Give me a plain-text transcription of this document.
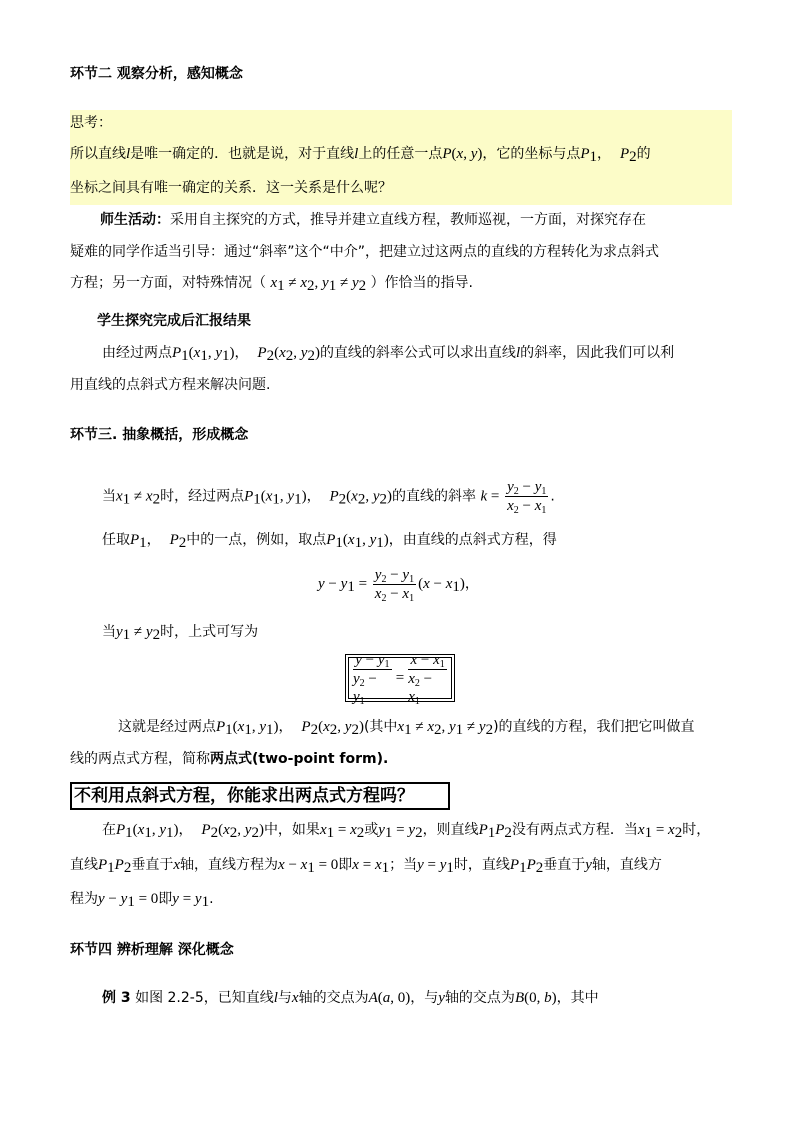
环节二 观察分析，感知概念
思考：
所以直线l是唯一确定的．也就是说，对于直线l上的任意一点P(x, y)，它的坐标与点$P_1$， $P_2$的
坐标之间具有唯一确定的关系．这一关系是什么呢？
师生活动：采用自主探究的方式，推导并建立直线方程，教师巡视，一方面，对探究存在
疑难的同学作适当引导：通过“斜率”这个“中介”，把建立过这两点的直线的方程转化为求点斜式
方程；另一方面，对特殊情况（ $x_1 \ne x_2$, $y_1 \ne y_2$ ）作恰当的指导.
学生探究完成后汇报结果
由经过两点$P_1(x_1$, $y_1$)， $P_2(x_2$, $y_2$)的直线的斜率公式可以求出直线l的斜率，因此我们可以利
用直线的点斜式方程来解决问题.
环节三. 抽象概括，形成概念
当$x_1 \ne x_2$时，经过两点$P_1(x_1$, $y_1$)， $P_2(x_2$, $y_2$)的直线的斜率 $k = \frac{y_2 - y_1}{x_2 - x_1}$ .
任取$P_1$， $P_2$中的一点，例如，取点$P_1(x_1$, $y_1$)，由直线的点斜式方程，得
$y - y_1 = \frac{y_2 - y_1}{x_2 - x_1} (x - x_1)$，
当$y_1 \ne y_2$时，上式可写为
$\frac{y - y_1}{y_2 - y_1} = \frac{x - x_1}{x_2 - x_1}$
这就是经过两点$P_1(x_1$, $y_1$)， $P_2(x_2$, $y_2$)(其中$x_1 \ne x_2$, $y_1 \ne y_2$)的直线的方程，我们把它叫做直
线的两点式方程，简称两点式(two-point form).
不利用点斜式方程，你能求出两点式方程吗？
在$P_1(x_1$, $y_1$)， $P_2(x_2$, $y_2$)中，如果$x_1 = x_2$或$y_1 = y_2$，则直线$P_1P_2$没有两点式方程．当$x_1 = x_2$时，
直线$P_1P_2$垂直于x轴，直线方程为$x - x_1 = 0$即$x = x_1$；当$y = y_1$时，直线$P_1P_2$垂直于y轴，直线方
程为$y - y_1 = 0$即$y = y_1$.
环节四 辨析理解 深化概念
例 3 如图 2.2-5，已知直线l与x轴的交点为A(a, 0)，与y轴的交点为B(0, b)，其中
